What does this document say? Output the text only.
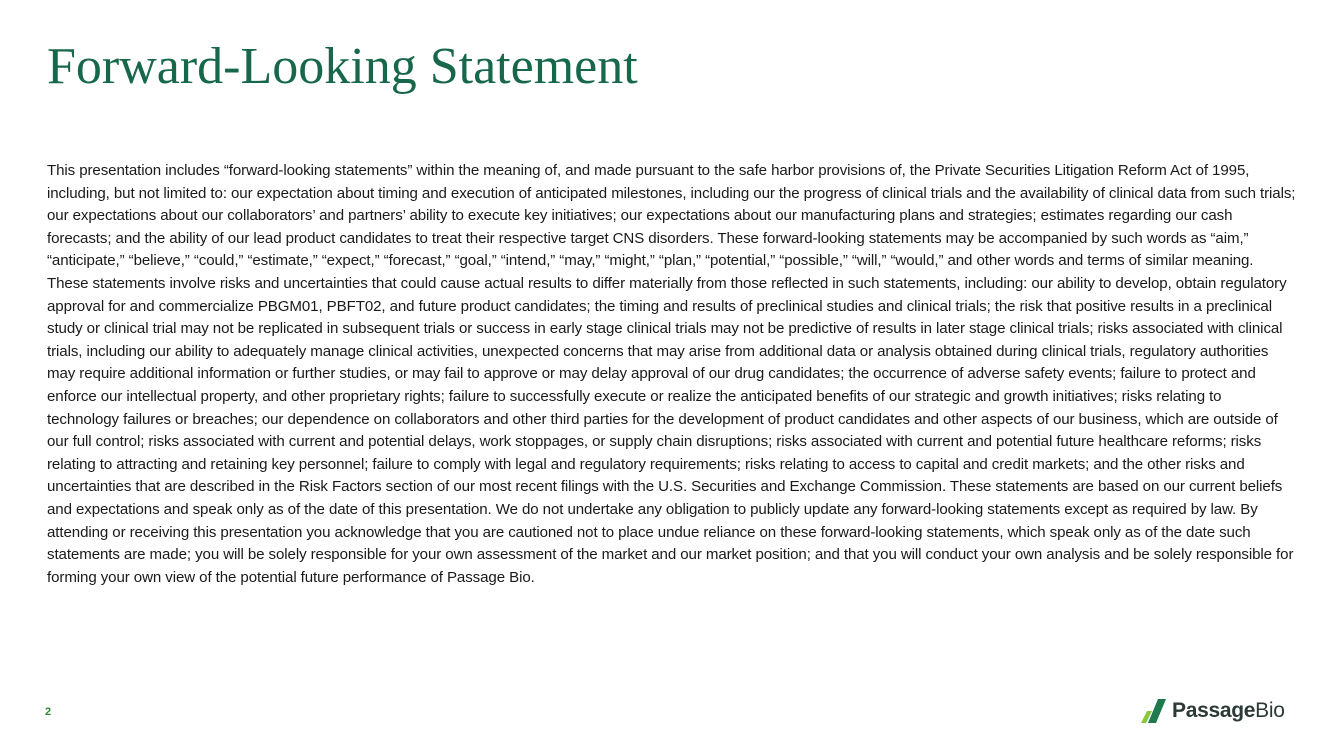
Forward-Looking Statement

This presentation includes “forward-looking statements” within the meaning of, and made pursuant to the safe harbor provisions of, the Private Securities Litigation Reform Act of 1995, including, but not limited to: our expectation about timing and execution of anticipated milestones, including our the progress of clinical trials and the availability of clinical data from such trials; our expectations about our collaborators’ and partners’ ability to execute key initiatives; our expectations about our manufacturing plans and strategies; estimates regarding our cash forecasts; and the ability of our lead product candidates to treat their respective target CNS disorders. These forward-looking statements may be accompanied by such words as “aim,” “anticipate,” “believe,” “could,” “estimate,” “expect,” “forecast,” “goal,” “intend,” “may,” “might,” “plan,” “potential,” “possible,” “will,” “would,” and other words and terms of similar meaning. These statements involve risks and uncertainties that could cause actual results to differ materially from those reflected in such statements, including: our ability to develop, obtain regulatory approval for and commercialize PBGM01, PBFT02, and future product candidates; the timing and results of preclinical studies and clinical trials; the risk that positive results in a preclinical study or clinical trial may not be replicated in subsequent trials or success in early stage clinical trials may not be predictive of results in later stage clinical trials; risks associated with clinical trials, including our ability to adequately manage clinical activities, unexpected concerns that may arise from additional data or analysis obtained during clinical trials, regulatory authorities may require additional information or further studies, or may fail to approve or may delay approval of our drug candidates; the occurrence of adverse safety events; failure to protect and enforce our intellectual property, and other proprietary rights; failure to successfully execute or realize the anticipated benefits of our strategic and growth initiatives; risks relating to technology failures or breaches; our dependence on collaborators and other third parties for the development of product candidates and other aspects of our business, which are outside of our full control; risks associated with current and potential delays, work stoppages, or supply chain disruptions; risks associated with current and potential future healthcare reforms; risks relating to attracting and retaining key personnel; failure to comply with legal and regulatory requirements; risks relating to access to capital and credit markets; and the other risks and uncertainties that are described in the Risk Factors section of our most recent filings with the U.S. Securities and Exchange Commission. These statements are based on our current beliefs and expectations and speak only as of the date of this presentation. We do not undertake any obligation to publicly update any forward-looking statements except as required by law. By attending or receiving this presentation you acknowledge that you are cautioned not to place undue reliance on these forward-looking statements, which speak only as of the date such statements are made; you will be solely responsible for your own assessment of the market and our market position; and that you will conduct your own analysis and be solely responsible for forming your own view of the potential future performance of Passage Bio.

2	PassageBio
